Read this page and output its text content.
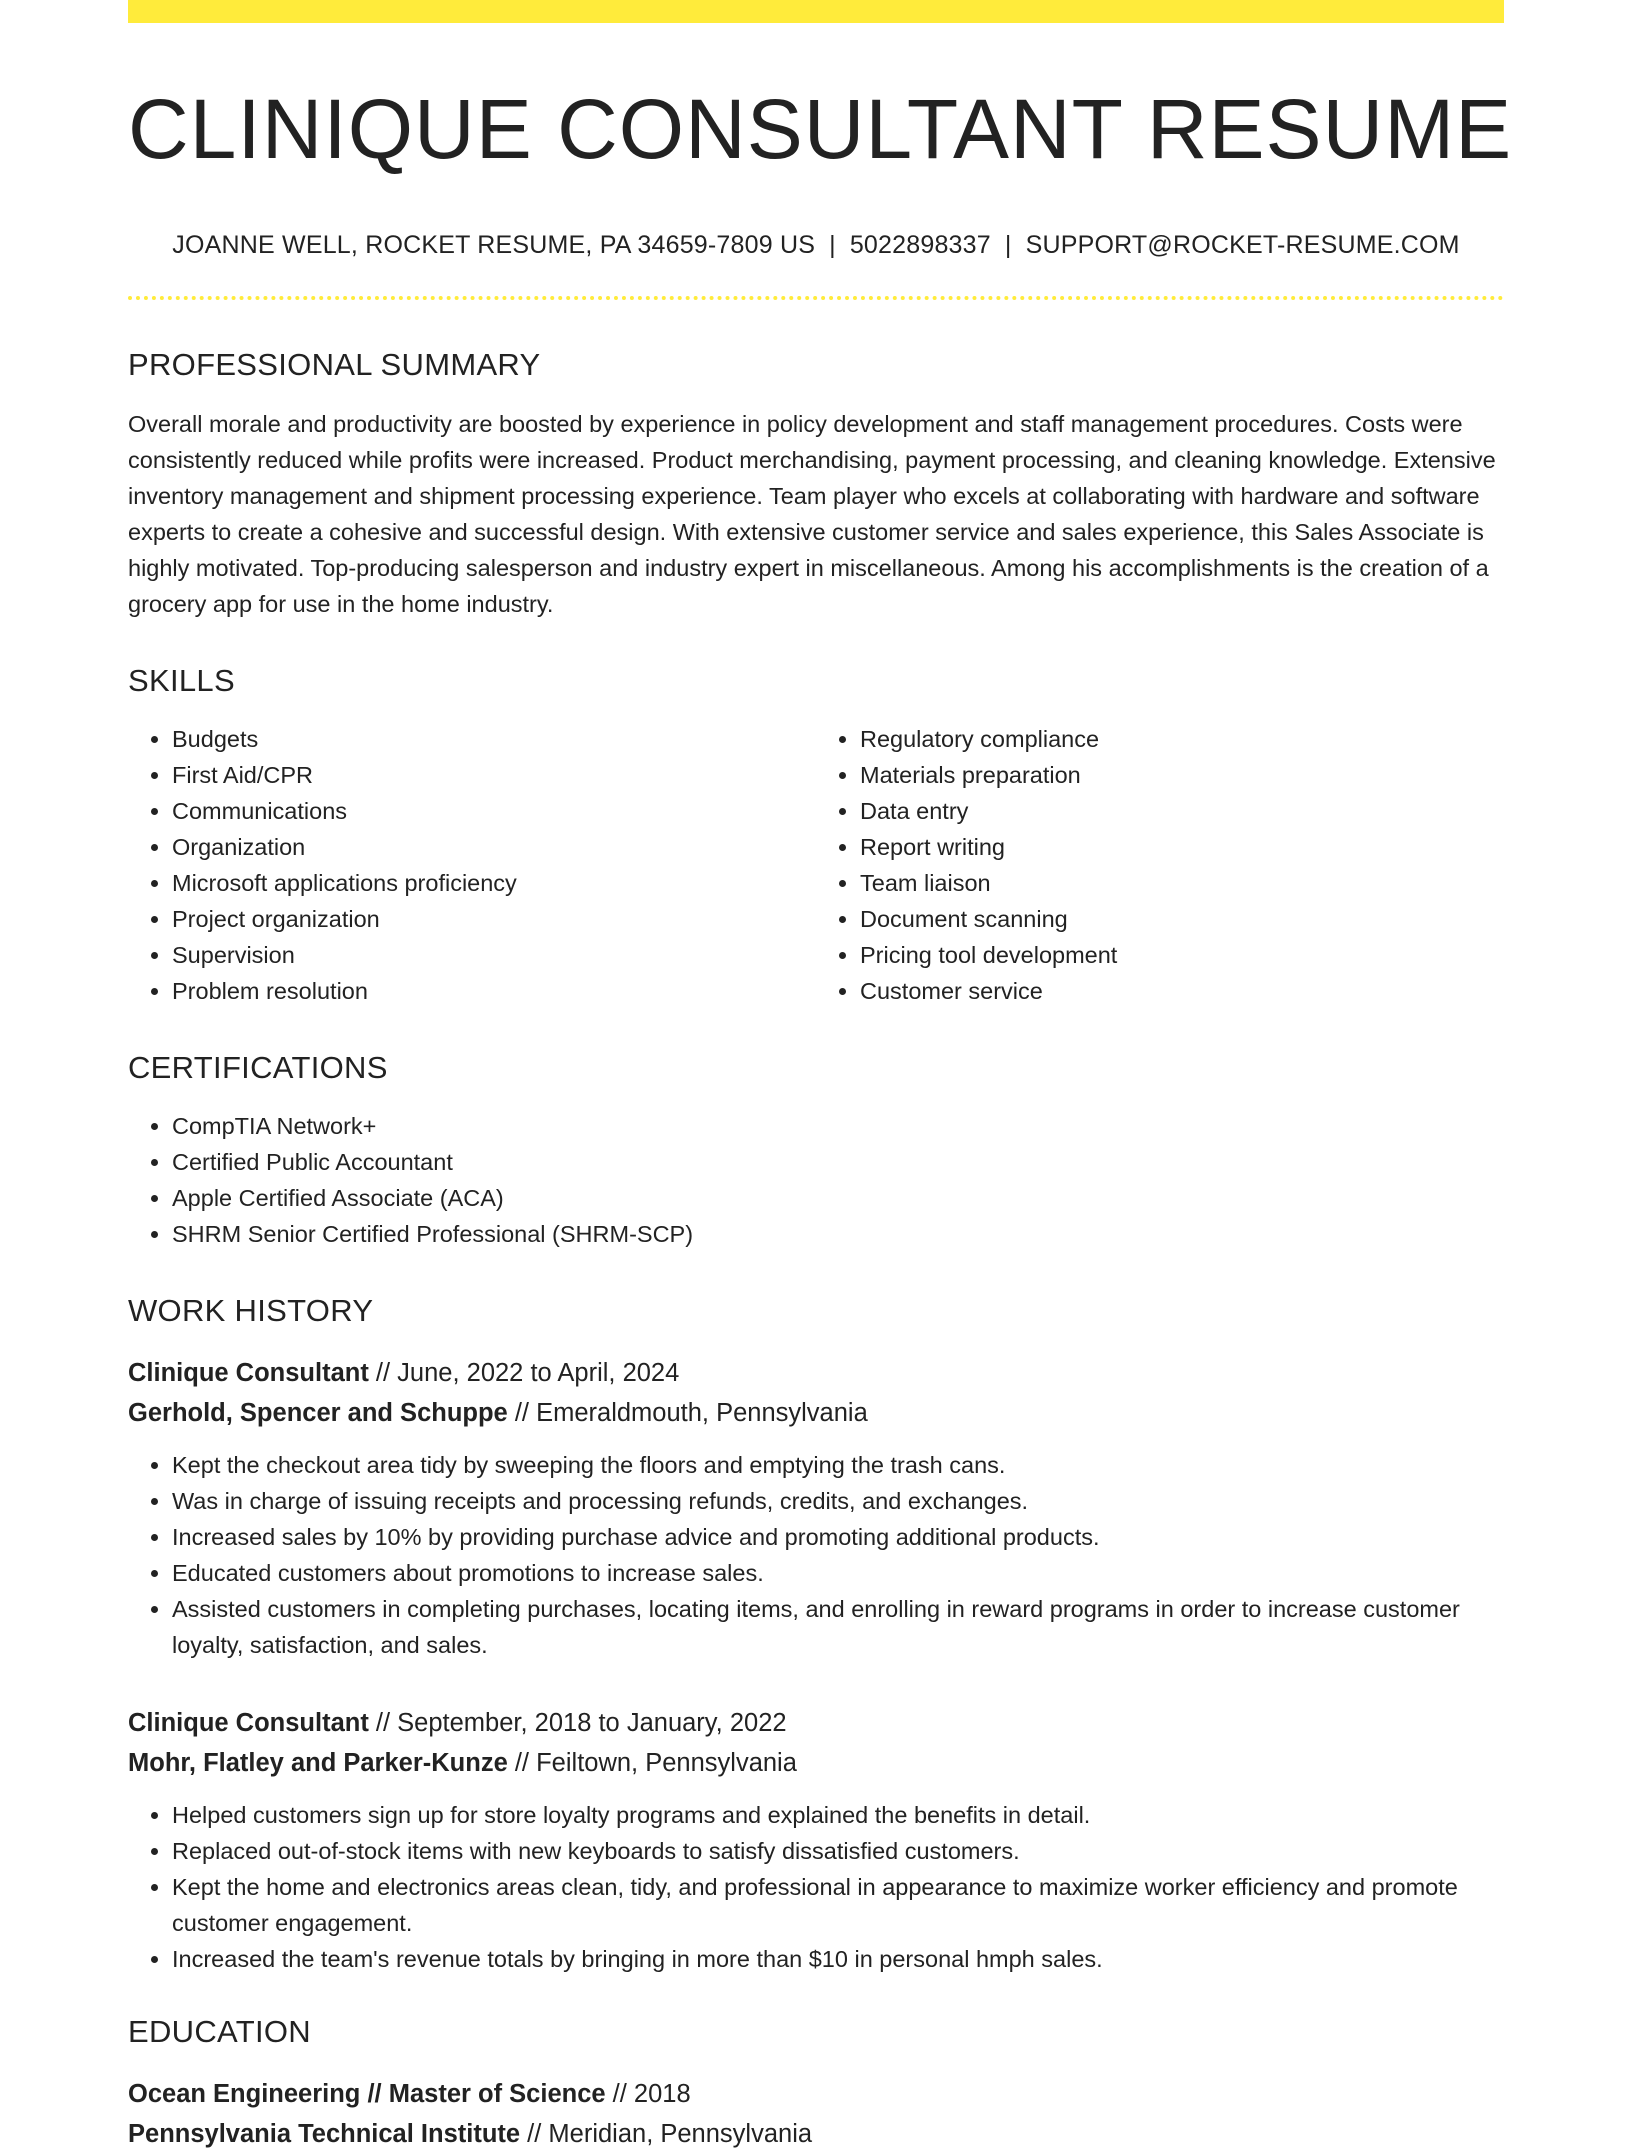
CLINIQUE CONSULTANT RESUME
JOANNE WELL, ROCKET RESUME, PA 34659-7809 US | 5022898337 | SUPPORT@ROCKET-RESUME.COM
PROFESSIONAL SUMMARY

Overall morale and productivity are boosted by experience in policy development and staff management procedures. Costs were consistently reduced while profits were increased. Product merchandising, payment processing, and cleaning knowledge. Extensive inventory management and shipment processing experience. Team player who excels at collaborating with hardware and software experts to create a cohesive and successful design. With extensive customer service and sales experience, this Sales Associate is highly motivated. Top-producing salesperson and industry expert in miscellaneous. Among his accomplishments is the creation of a grocery app for use in the home industry.

SKILLS
• Budgets
• First Aid/CPR
• Communications
• Organization
• Microsoft applications proficiency
• Project organization
• Supervision
• Problem resolution
• Regulatory compliance
• Materials preparation
• Data entry
• Report writing
• Team liaison
• Document scanning
• Pricing tool development
• Customer service
CERTIFICATIONS
• CompTIA Network+
• Certified Public Accountant
• Apple Certified Associate (ACA)
• SHRM Senior Certified Professional (SHRM-SCP)
WORK HISTORY
Clinique Consultant // June, 2022 to April, 2024
Gerhold, Spencer and Schuppe // Emeraldmouth, Pennsylvania
• Kept the checkout area tidy by sweeping the floors and emptying the trash cans.
• Was in charge of issuing receipts and processing refunds, credits, and exchanges.
• Increased sales by 10% by providing purchase advice and promoting additional products.
• Educated customers about promotions to increase sales.
• Assisted customers in completing purchases, locating items, and enrolling in reward programs in order to increase customer loyalty, satisfaction, and sales.
Clinique Consultant // September, 2018 to January, 2022
Mohr, Flatley and Parker-Kunze // Feiltown, Pennsylvania
• Helped customers sign up for store loyalty programs and explained the benefits in detail.
• Replaced out-of-stock items with new keyboards to satisfy dissatisfied customers.
• Kept the home and electronics areas clean, tidy, and professional in appearance to maximize worker efficiency and promote customer engagement.
• Increased the team's revenue totals by bringing in more than $10 in personal hmph sales.
EDUCATION
Ocean Engineering // Master of Science // 2018
Pennsylvania Technical Institute // Meridian, Pennsylvania
